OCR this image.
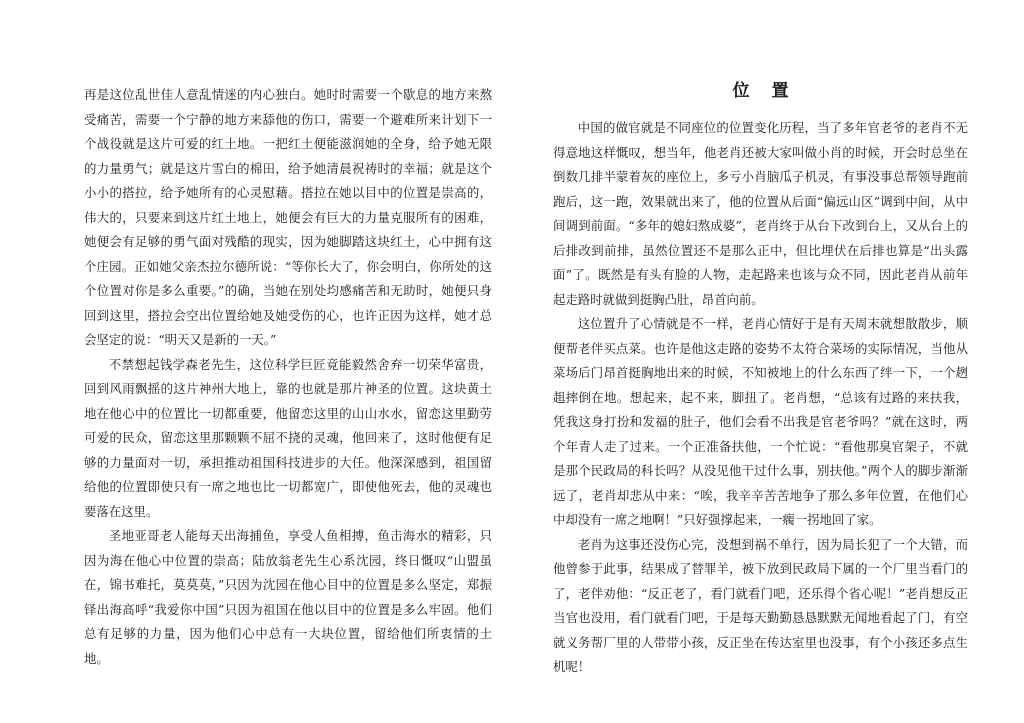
再是这位乱世佳人意乱情迷的内心独白。她时时需要一个歇息的地方来熬受痛苦，需要一个宁静的地方来舔他的伤口，需要一个避难所来计划下一个战役就是这片可爱的红土地。一把红土便能滋润她的全身，给予她无限的力量勇气；就是这片雪白的棉田，给予她清晨祝祷时的幸福；就是这个小小的搭拉，给予她所有的心灵慰藉。搭拉在她以目中的位置是崇高的，伟大的，只要来到这片红土地上，她便会有巨大的力量克服所有的困难，她便会有足够的勇气面对残酷的现实，因为她脚踏这块红土，心中拥有这个庄园。正如她父亲杰拉尔德所说：“等你长大了，你会明白，你所处的这个位置对你是多么重要。”的确，当她在别处均感痛苦和无助时，她便只身回到这里，搭拉会空出位置给她及她受伤的心，也许正因为这样，她才总会坚定的说：“明天又是新的一天。”

不禁想起钱学森老先生，这位科学巨匠竟能毅然舍弃一切荣华富贵，回到风雨飘摇的这片神州大地上，靠的也就是那片神圣的位置。这块黄土地在他心中的位置比一切都重要，他留恋这里的山山水水，留恋这里勤劳可爱的民众，留恋这里那颗颗不屈不挠的灵魂，他回来了，这时他便有足够的力量面对一切，承担推动祖国科技进步的大任。他深深感到，祖国留给他的位置即使只有一席之地也比一切都宽广，即使他死去，他的灵魂也要落在这里。

圣地亚哥老人能每天出海捕鱼，享受人鱼相搏，鱼击海水的精彩，只因为海在他心中位置的崇高；陆放翁老先生心系沈园，终日慨叹“山盟虽在，锦书难托，莫莫莫，”只因为沈园在他心目中的位置是多么坚定，郑振铎出海高呼“我爱你中国”只因为祖国在他以目中的位置是多么牢固。他们总有足够的力量，因为他们心中总有一大块位置，留给他们所衷情的土地。

位置

中国的做官就是不同座位的位置变化历程，当了多年官老爷的老肖不无得意地这样慨叹，想当年，他老肖还被大家叫做小肖的时候，开会时总坐在倒数几排半蒙着灰的座位上，多亏小肖脑瓜子机灵，有事没事总帮领导跑前跑后，这一跑，效果就出来了，他的位置从后面“偏远山区”调到中间，从中间调到前面。“多年的媳妇熬成婆”，老肖终于从台下改到台上，又从台上的后排改到前排，虽然位置还不是那么正中，但比埋伏在后排也算是“出头露面”了。既然是有头有脸的人物，走起路来也该与众不同，因此老肖从前年起走路时就做到挺胸凸肚，昂首向前。

这位置升了心情就是不一样，老肖心情好于是有天周末就想散散步，顺便帮老伴买点菜。也许是他这走路的姿势不太符合菜场的实际情况，当他从菜场后门昂首挺胸地出来的时候，不知被地上的什么东西了绊一下，一个趔趄摔倒在地。想起来，起不来，脚扭了。老肖想，“总该有过路的来扶我，凭我这身打扮和发福的肚子，他们会看不出我是官老爷吗？”就在这时，两个年青人走了过来。一个正准备扶他，一个忙说：“看他那臭官架子，不就是那个民政局的科长吗？从没见他干过什么事，别扶他。”两个人的脚步渐渐远了，老肖却悲从中来：“唉，我辛辛苦苦地争了那么多年位置，在他们心中却没有一席之地啊！”只好强撑起来，一瘸一拐地回了家。

老肖为这事还没伤心完，没想到祸不单行，因为局长犯了一个大错，而他曾参于此事，结果成了替罪羊，被下放到民政局下属的一个厂里当看门的了，老伴劝他：“反正老了，看门就看门吧，还乐得个省心呢！”老肖想反正当官也没用，看门就看门吧，于是每天勤勤恳恳默默无闻地看起了门，有空就义务帮厂里的人带带小孩，反正坐在传达室里也没事，有个小孩还多点生机呢！
